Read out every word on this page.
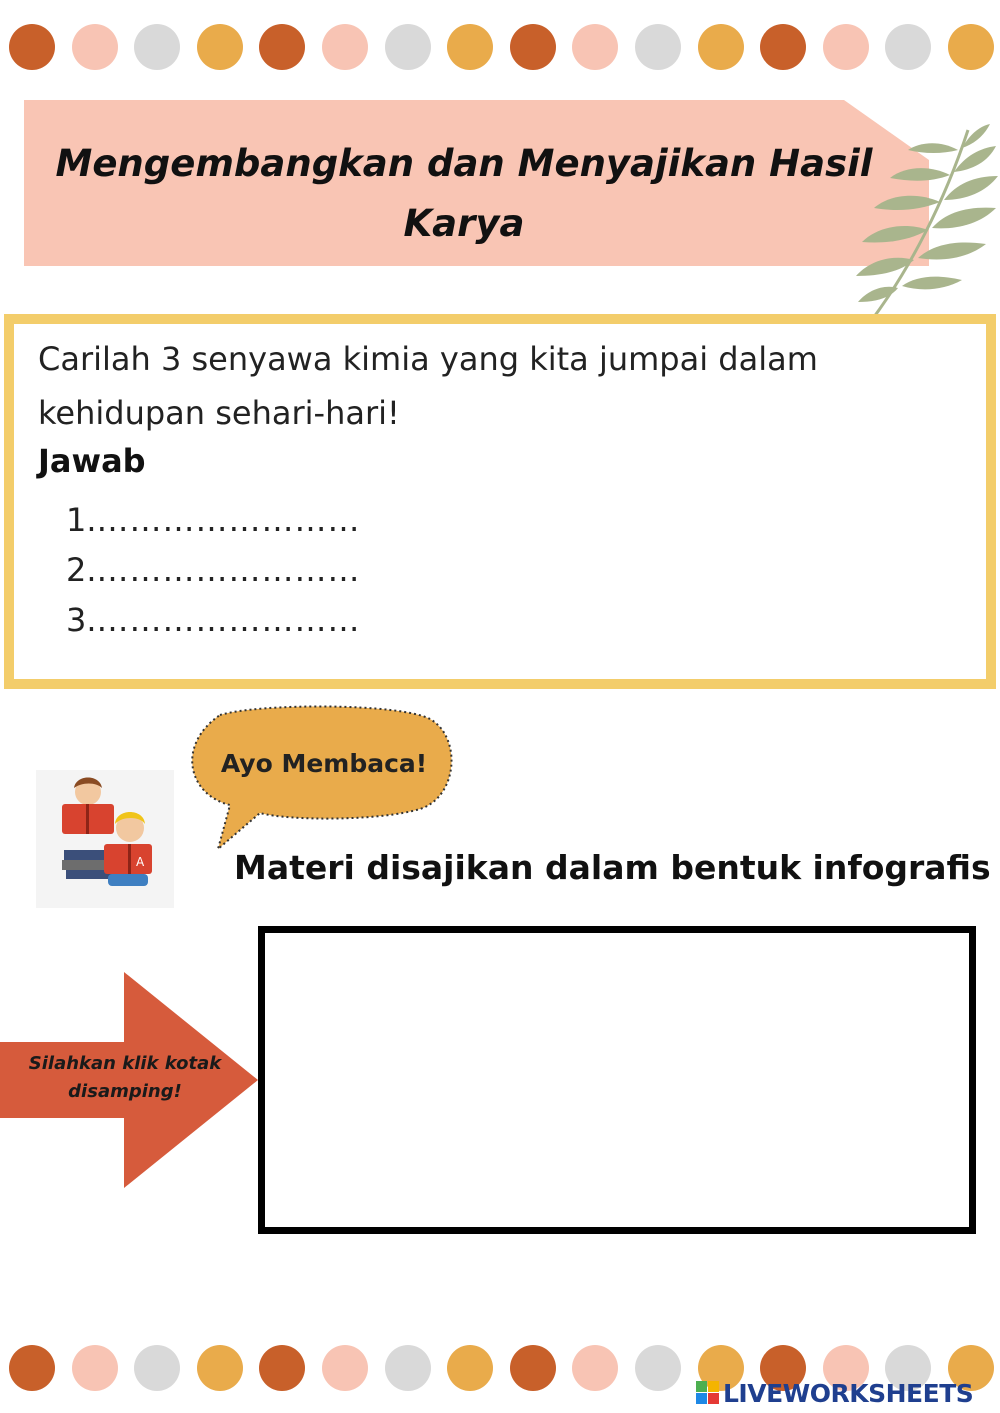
Mengembangkan dan Menyajikan Hasil Karya
Carilah 3 senyawa kimia yang kita jumpai dalam kehidupan sehari-hari!
Jawab
1.……………………
2.……………………
3.……………………
Ayo Membaca!
A	Materi disajikan dalam bentuk infografis
Silahkan klik kotak disamping!
LIVEWORKSHEETS
